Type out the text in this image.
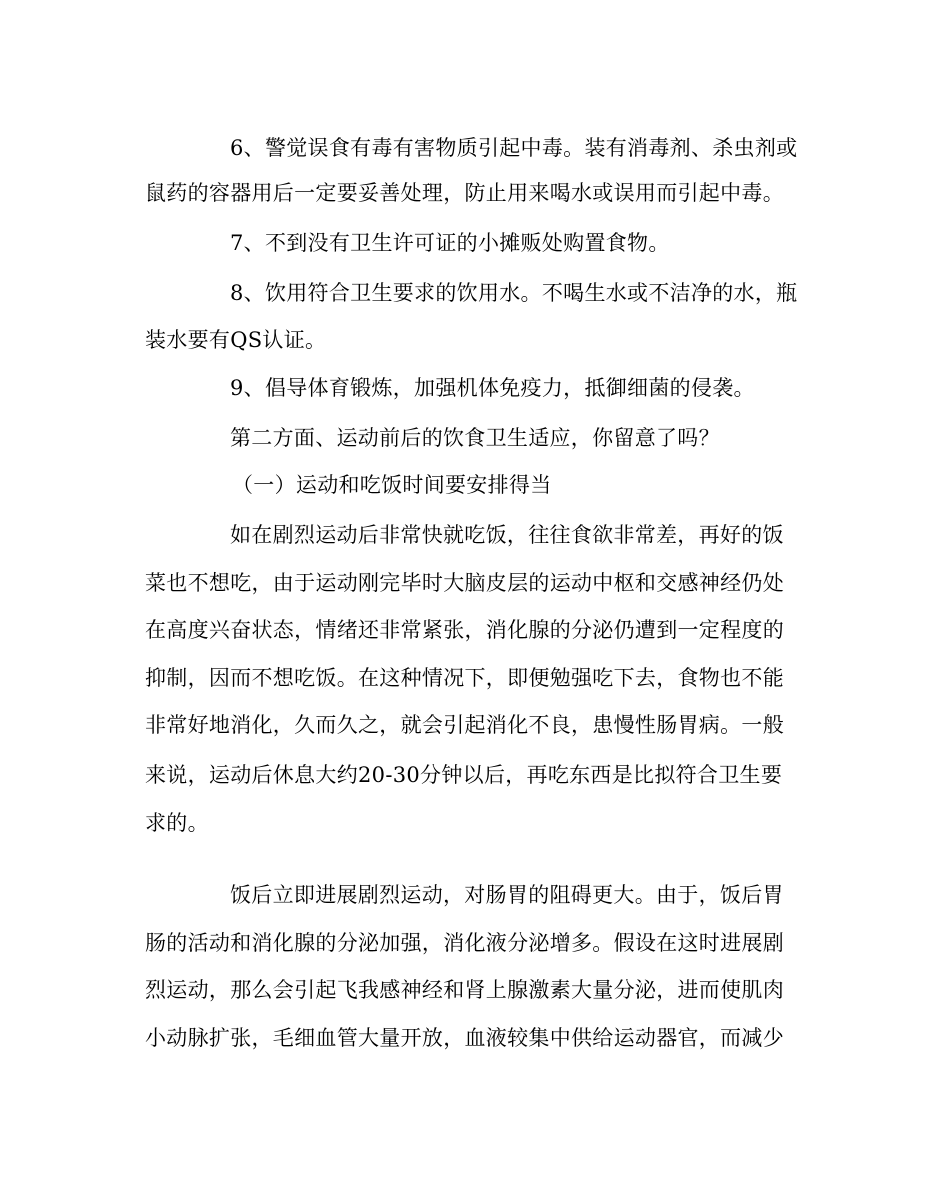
6、警觉误食有毒有害物质引起中毒。装有消毒剂、杀虫剂或
鼠药的容器用后一定要妥善处理，防止用来喝水或误用而引起中毒。
7、不到没有卫生许可证的小摊贩处购置食物。
8、饮用符合卫生要求的饮用水。不喝生水或不洁净的水，瓶
装水要有QS认证。
9、倡导体育锻炼，加强机体免疫力，抵御细菌的侵袭。
第二方面、运动前后的饮食卫生适应，你留意了吗？
（一）运动和吃饭时间要安排得当
如在剧烈运动后非常快就吃饭，往往食欲非常差，再好的饭
菜也不想吃，由于运动刚完毕时大脑皮层的运动中枢和交感神经仍处
在高度兴奋状态，情绪还非常紧张，消化腺的分泌仍遭到一定程度的
抑制，因而不想吃饭。在这种情况下，即便勉强吃下去，食物也不能
非常好地消化，久而久之，就会引起消化不良，患慢性肠胃病。一般
来说，运动后休息大约20-30分钟以后，再吃东西是比拟符合卫生要
求的。
饭后立即进展剧烈运动，对肠胃的阻碍更大。由于，饭后胃
肠的活动和消化腺的分泌加强，消化液分泌增多。假设在这时进展剧
烈运动，那么会引起飞我感神经和肾上腺激素大量分泌，进而使肌肉
小动脉扩张，毛细血管大量开放，血液较集中供给运动器官，而减少
